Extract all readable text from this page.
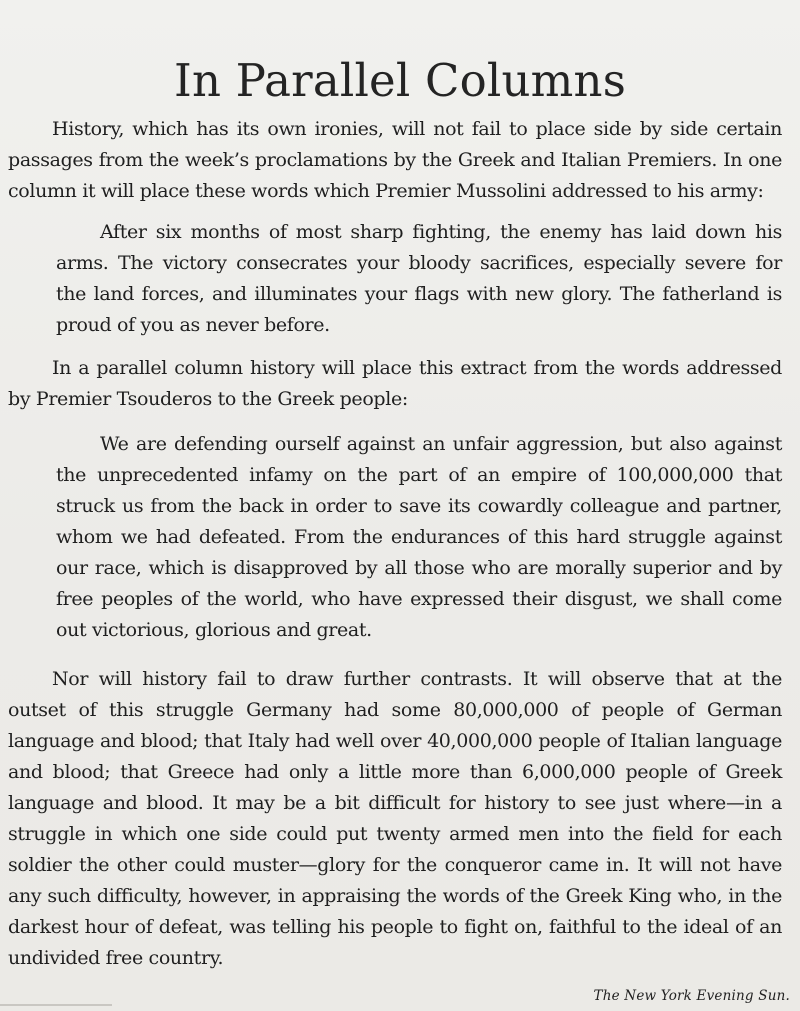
In Parallel Columns

History, which has its own ironies, will not fail to place side by side certain passages from the week’s proclamations by the Greek and Italian Premiers. In one column it will place these words which Premier Mussolini addressed to his army:

After six months of most sharp fighting, the enemy has laid down his arms. The victory consecrates your bloody sacrifices, especially severe for the land forces, and illuminates your flags with new glory. The fatherland is proud of you as never before.

In a parallel column history will place this extract from the words addressed by Premier Tsouderos to the Greek people:

We are defending ourself against an unfair aggression, but also against the unprecedented infamy on the part of an empire of 100,000,000 that struck us from the back in order to save its cowardly colleague and partner, whom we had defeated. From the endurances of this hard struggle against our race, which is disapproved by all those who are morally superior and by free peoples of the world, who have expressed their disgust, we shall come out victorious, glorious and great.

Nor will history fail to draw further contrasts. It will observe that at the outset of this struggle Germany had some 80,000,000 of people of German language and blood; that Italy had well over 40,000,000 people of Italian language and blood; that Greece had only a little more than 6,000,000 people of Greek language and blood. It may be a bit difficult for history to see just where—in a struggle in which one side could put twenty armed men into the field for each soldier the other could muster—glory for the conqueror came in. It will not have any such difficulty, however, in appraising the words of the Greek King who, in the darkest hour of defeat, was telling his people to fight on, faithful to the ideal of an undivided free country.

The New York Evening Sun.
